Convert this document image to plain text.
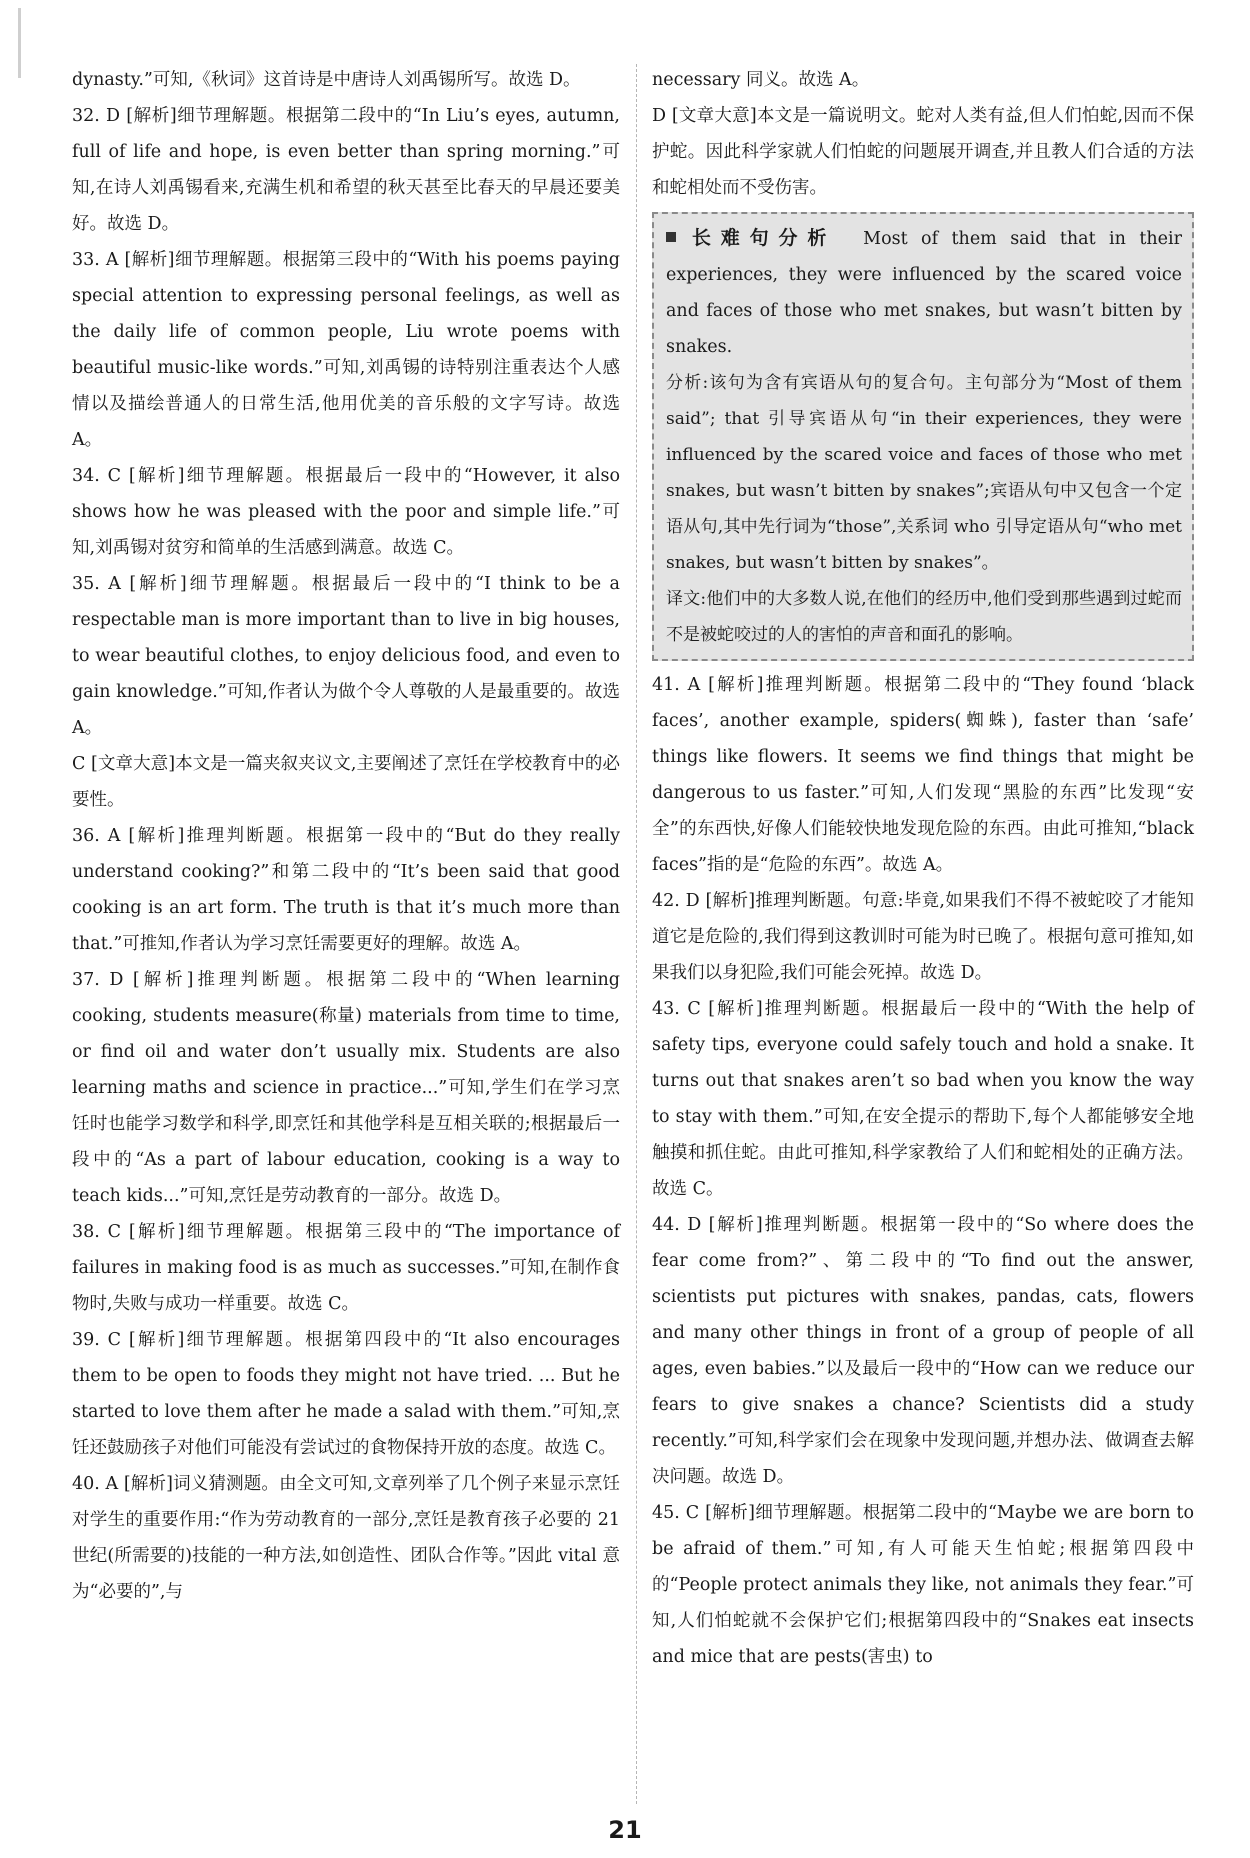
dynasty.”可知,《秋词》这首诗是中唐诗人刘禹锡所写。故选 D。

32. D [解析]细节理解题。根据第二段中的“In Liu’s eyes, autumn, full of life and hope, is even better than spring morning.”可知,在诗人刘禹锡看来,充满生机和希望的秋天甚至比春天的早晨还要美好。故选 D。

33. A [解析]细节理解题。根据第三段中的“With his poems paying special attention to expressing personal feelings, as well as the daily life of common people, Liu wrote poems with beautiful music-like words.”可知,刘禹锡的诗特别注重表达个人感情以及描绘普通人的日常生活,他用优美的音乐般的文字写诗。故选 A。

34. C [解析]细节理解题。根据最后一段中的“However, it also shows how he was pleased with the poor and simple life.”可知,刘禹锡对贫穷和简单的生活感到满意。故选 C。

35. A [解析]细节理解题。根据最后一段中的“I think to be a respectable man is more important than to live in big houses, to wear beautiful clothes, to enjoy delicious food, and even to gain knowledge.”可知,作者认为做个令人尊敬的人是最重要的。故选 A。

C [文章大意]本文是一篇夹叙夹议文,主要阐述了烹饪在学校教育中的必要性。

36. A [解析]推理判断题。根据第一段中的“But do they really understand cooking?”和第二段中的“It’s been said that good cooking is an art form. The truth is that it’s much more than that.”可推知,作者认为学习烹饪需要更好的理解。故选 A。

37. D [解析]推理判断题。根据第二段中的“When learning cooking, students measure(称量) materials from time to time, or find oil and water don’t usually mix. Students are also learning maths and science in practice...”可知,学生们在学习烹饪时也能学习数学和科学,即烹饪和其他学科是互相关联的;根据最后一段中的“As a part of labour education, cooking is a way to teach kids...”可知,烹饪是劳动教育的一部分。故选 D。

38. C [解析]细节理解题。根据第三段中的“The importance of failures in making food is as much as successes.”可知,在制作食物时,失败与成功一样重要。故选 C。

39. C [解析]细节理解题。根据第四段中的“It also encourages them to be open to foods they might not have tried. ... But he started to love them after he made a salad with them.”可知,烹饪还鼓励孩子对他们可能没有尝试过的食物保持开放的态度。故选 C。

40. A [解析]词义猜测题。由全文可知,文章列举了几个例子来显示烹饪对学生的重要作用:“作为劳动教育的一部分,烹饪是教育孩子必要的 21 世纪(所需要的)技能的一种方法,如创造性、团队合作等。”因此 vital 意为“必要的”,与

necessary 同义。故选 A。

D [文章大意]本文是一篇说明文。蛇对人类有益,但人们怕蛇,因而不保护蛇。因此科学家就人们怕蛇的问题展开调查,并且教人们合适的方法和蛇相处而不受伤害。

长难句分析 Most of them said that in their experiences, they were influenced by the scared voice and faces of those who met snakes, but wasn’t bitten by snakes.

分析:该句为含有宾语从句的复合句。主句部分为“Most of them said”; that 引导宾语从句“in their experiences, they were influenced by the scared voice and faces of those who met snakes, but wasn’t bitten by snakes”;宾语从句中又包含一个定语从句,其中先行词为“those”,关系词 who 引导定语从句“who met snakes, but wasn’t bitten by snakes”。

译文:他们中的大多数人说,在他们的经历中,他们受到那些遇到过蛇而不是被蛇咬过的人的害怕的声音和面孔的影响。

41. A [解析]推理判断题。根据第二段中的“They found ‘black faces’, another example, spiders(蜘蛛), faster than ‘safe’ things like flowers. It seems we find things that might be dangerous to us faster.”可知,人们发现“黑脸的东西”比发现“安全”的东西快,好像人们能较快地发现危险的东西。由此可推知,“black faces”指的是“危险的东西”。故选 A。

42. D [解析]推理判断题。句意:毕竟,如果我们不得不被蛇咬了才能知道它是危险的,我们得到这教训时可能为时已晚了。根据句意可推知,如果我们以身犯险,我们可能会死掉。故选 D。

43. C [解析]推理判断题。根据最后一段中的“With the help of safety tips, everyone could safely touch and hold a snake. It turns out that snakes aren’t so bad when you know the way to stay with them.”可知,在安全提示的帮助下,每个人都能够安全地触摸和抓住蛇。由此可推知,科学家教给了人们和蛇相处的正确方法。故选 C。

44. D [解析]推理判断题。根据第一段中的“So where does the fear come from?”、第二段中的“To find out the answer, scientists put pictures with snakes, pandas, cats, flowers and many other things in front of a group of people of all ages, even babies.”以及最后一段中的“How can we reduce our fears to give snakes a chance? Scientists did a study recently.”可知,科学家们会在现象中发现问题,并想办法、做调查去解决问题。故选 D。

45. C [解析]细节理解题。根据第二段中的“Maybe we are born to be afraid of them.”可知,有人可能天生怕蛇;根据第四段中的“People protect animals they like, not animals they fear.”可知,人们怕蛇就不会保护它们;根据第四段中的“Snakes eat insects and mice that are pests(害虫) to

21
